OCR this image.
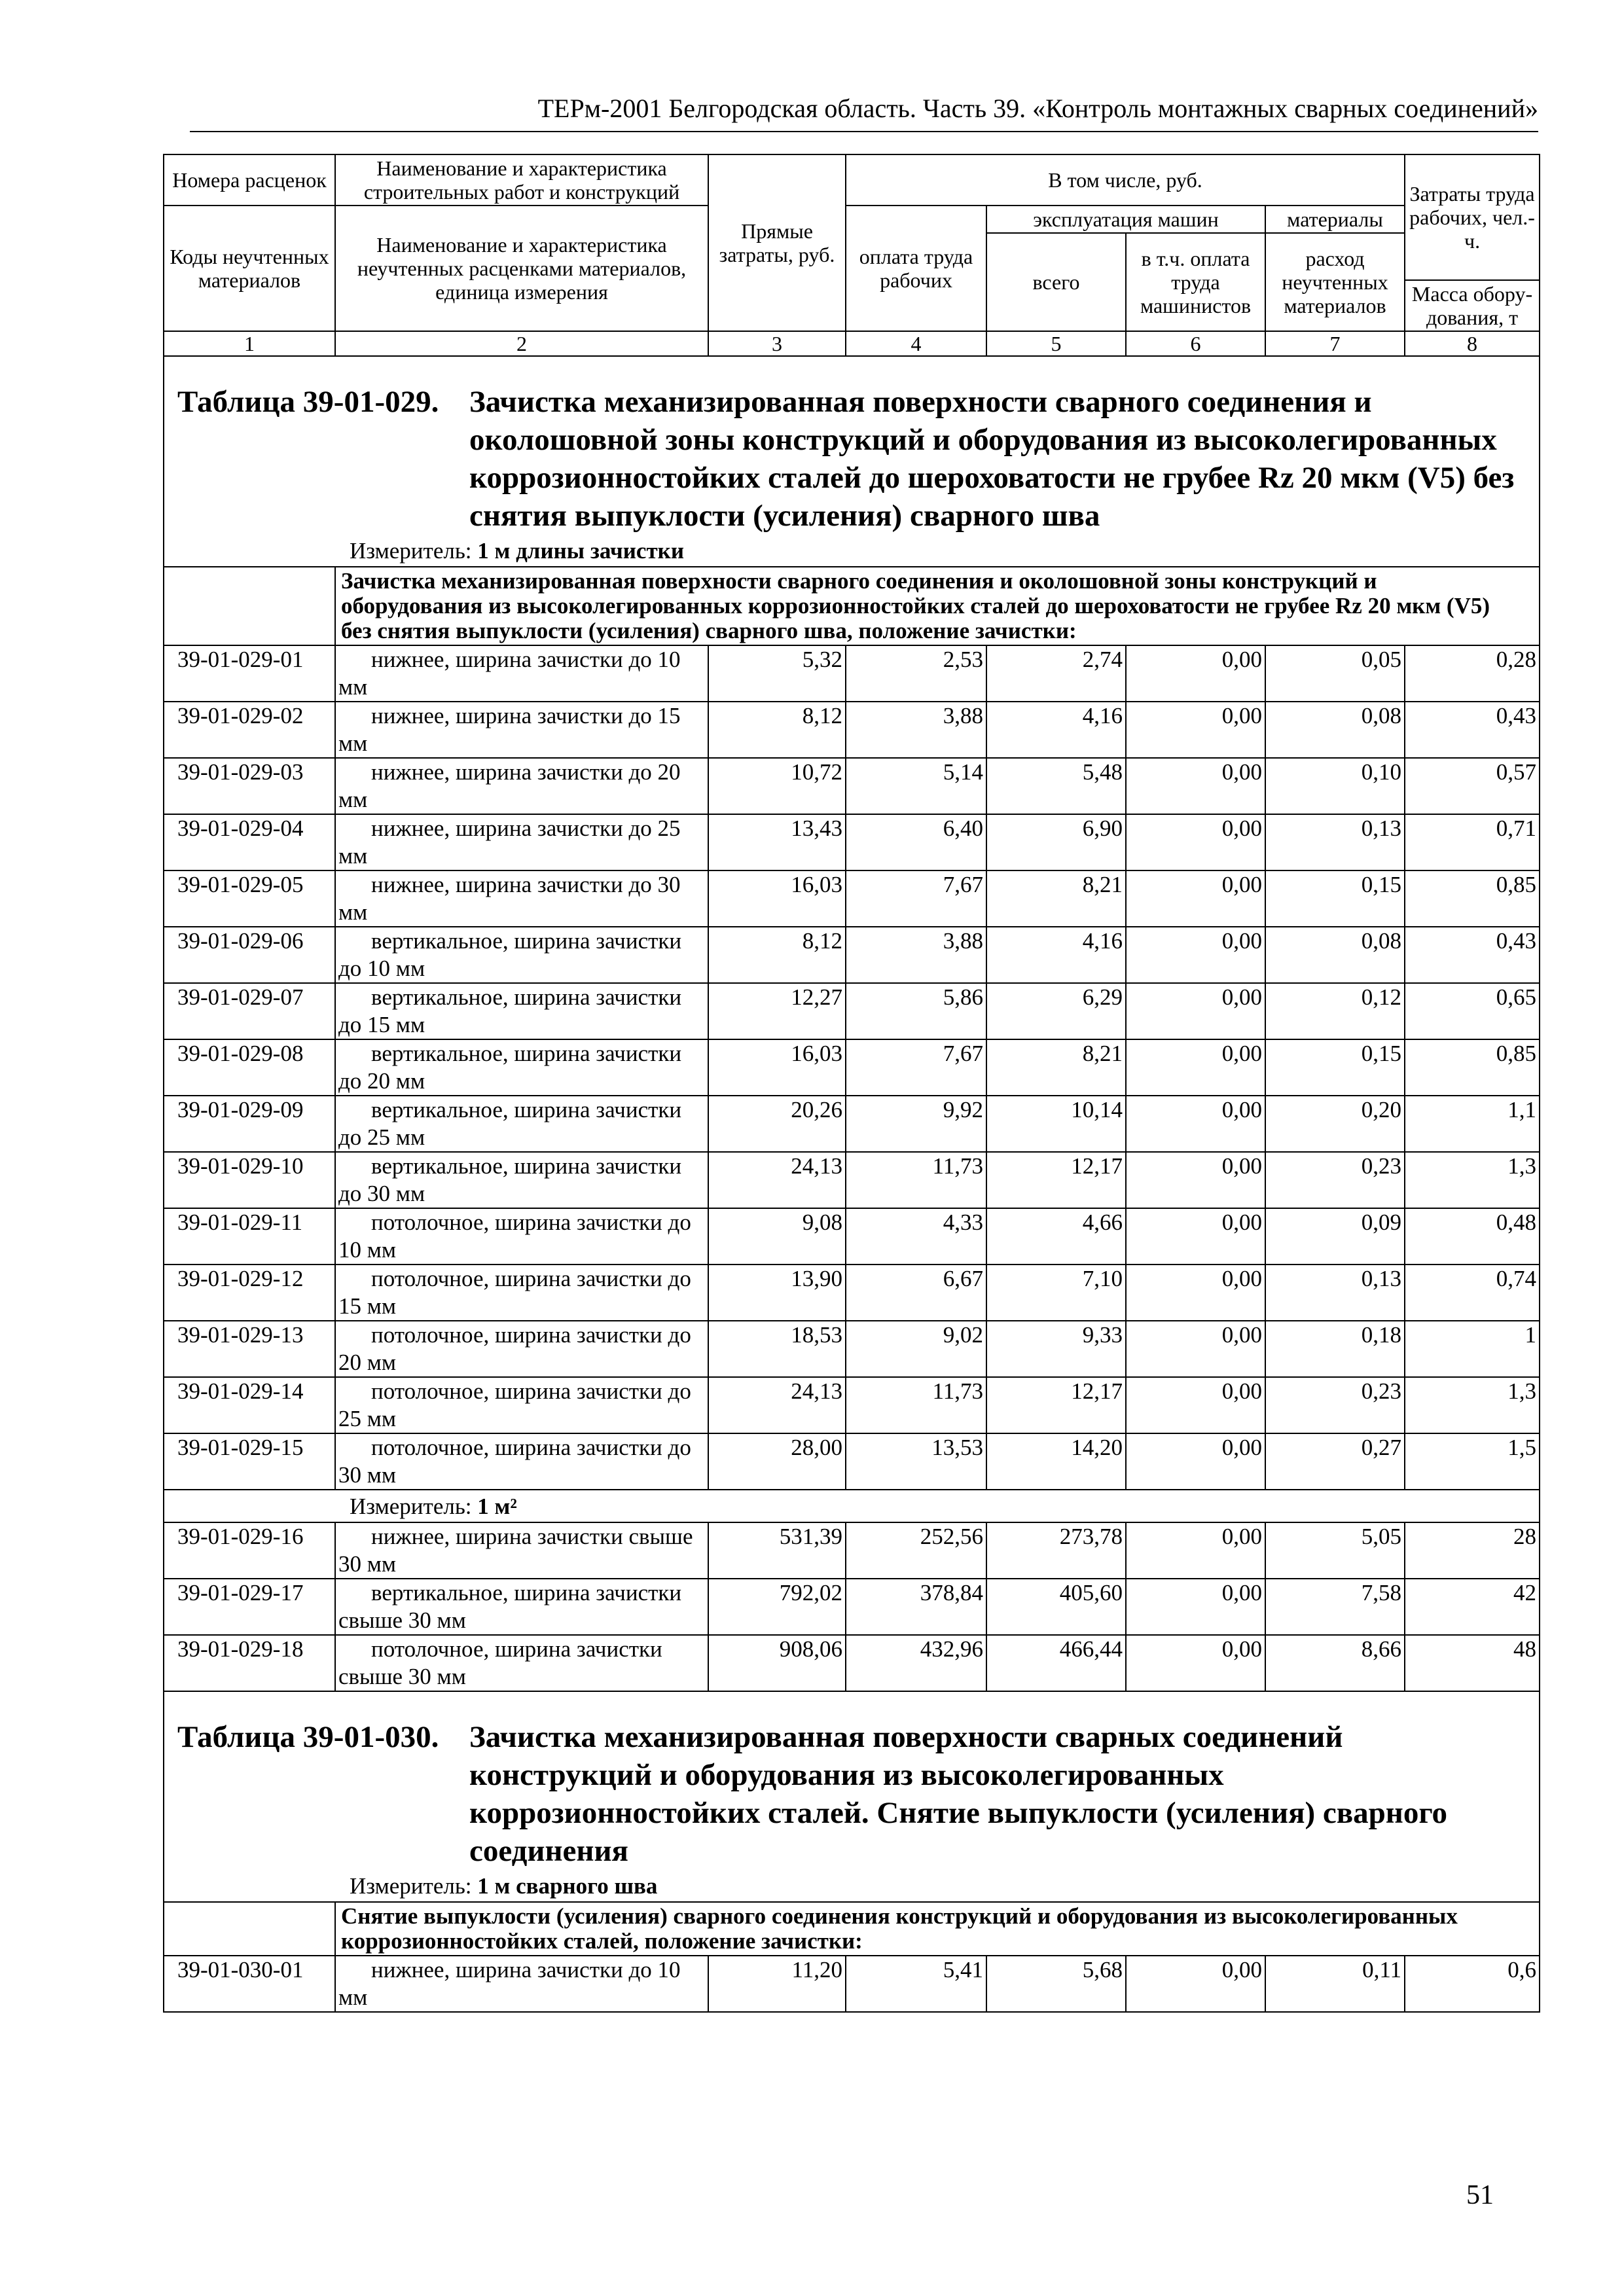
ТЕРм-2001 Белгородская область. Часть 39. «Контроль монтажных сварных соединений»
Номера расценок	Наименование и характеристика строительных работ и конструкций	Прямые затраты, руб.	В том числе, руб.				Затраты труда рабочих, чел.-ч.
Коды неучтенных материалов	Наименование и характеристика неучтенных расценками материалов, единица измерения		оплата труда рабочих	эксплуатация машин		материалы	
				всего	в т.ч. оплата труда машинистов	расход неучтенных материалов	
							Масса обору-дования, т
1	2	3	4	5	6	7	8

Таблица 39-01-029. Зачистка механизированная поверхности сварного соединения и околошовной зоны конструкций и оборудования из высоколегированных коррозионностойких сталей до шероховатости не грубее Rz 20 мкм (V5) без снятия выпуклости (усиления) сварного шва							

Измеритель: 1 м длины зачистки							
	Зачистка механизированная поверхности сварного соединения и околошовной зоны конструкций и оборудования из высоколегированных коррозионностойких сталей до шероховатости не грубее Rz 20 мкм (V5) без снятия выпуклости (усиления) сварного шва, положение зачистки:						
39-01-029-01	нижнее, ширина зачистки до 10 мм	5,32	2,53	2,74	0,00	0,05	0,28
39-01-029-02	нижнее, ширина зачистки до 15 мм	8,12	3,88	4,16	0,00	0,08	0,43
39-01-029-03	нижнее, ширина зачистки до 20 мм	10,72	5,14	5,48	0,00	0,10	0,57
39-01-029-04	нижнее, ширина зачистки до 25 мм	13,43	6,40	6,90	0,00	0,13	0,71
39-01-029-05	нижнее, ширина зачистки до 30 мм	16,03	7,67	8,21	0,00	0,15	0,85
39-01-029-06	вертикальное, ширина зачистки до 10 мм	8,12	3,88	4,16	0,00	0,08	0,43
39-01-029-07	вертикальное, ширина зачистки до 15 мм	12,27	5,86	6,29	0,00	0,12	0,65
39-01-029-08	вертикальное, ширина зачистки до 20 мм	16,03	7,67	8,21	0,00	0,15	0,85
39-01-029-09	вертикальное, ширина зачистки до 25 мм	20,26	9,92	10,14	0,00	0,20	1,1
39-01-029-10	вертикальное, ширина зачистки до 30 мм	24,13	11,73	12,17	0,00	0,23	1,3
39-01-029-11	потолочное, ширина зачистки до 10 мм	9,08	4,33	4,66	0,00	0,09	0,48
39-01-029-12	потолочное, ширина зачистки до 15 мм	13,90	6,67	7,10	0,00	0,13	0,74
39-01-029-13	потолочное, ширина зачистки до 20 мм	18,53	9,02	9,33	0,00	0,18	1
39-01-029-14	потолочное, ширина зачистки до 25 мм	24,13	11,73	12,17	0,00	0,23	1,3
39-01-029-15	потолочное, ширина зачистки до 30 мм	28,00	13,53	14,20	0,00	0,27	1,5
Измеритель: 1 м²							
39-01-029-16	нижнее, ширина зачистки свыше 30 мм	531,39	252,56	273,78	0,00	5,05	28
39-01-029-17	вертикальное, ширина зачистки свыше 30 мм	792,02	378,84	405,60	0,00	7,58	42
39-01-029-18	потолочное, ширина зачистки свыше 30 мм	908,06	432,96	466,44	0,00	8,66	48

Таблица 39-01-030. Зачистка механизированная поверхности сварных соединений конструкций и оборудования из высоколегированных коррозионностойких сталей. Снятие выпуклости (усиления) сварного соединения							

Измеритель: 1 м сварного шва							
	Снятие выпуклости (усиления) сварного соединения конструкций и оборудования из высоколегированных коррозионностойких сталей, положение зачистки:						
39-01-030-01	нижнее, ширина зачистки до 10 мм	11,20	5,41	5,68	0,00	0,11	0,6
51
